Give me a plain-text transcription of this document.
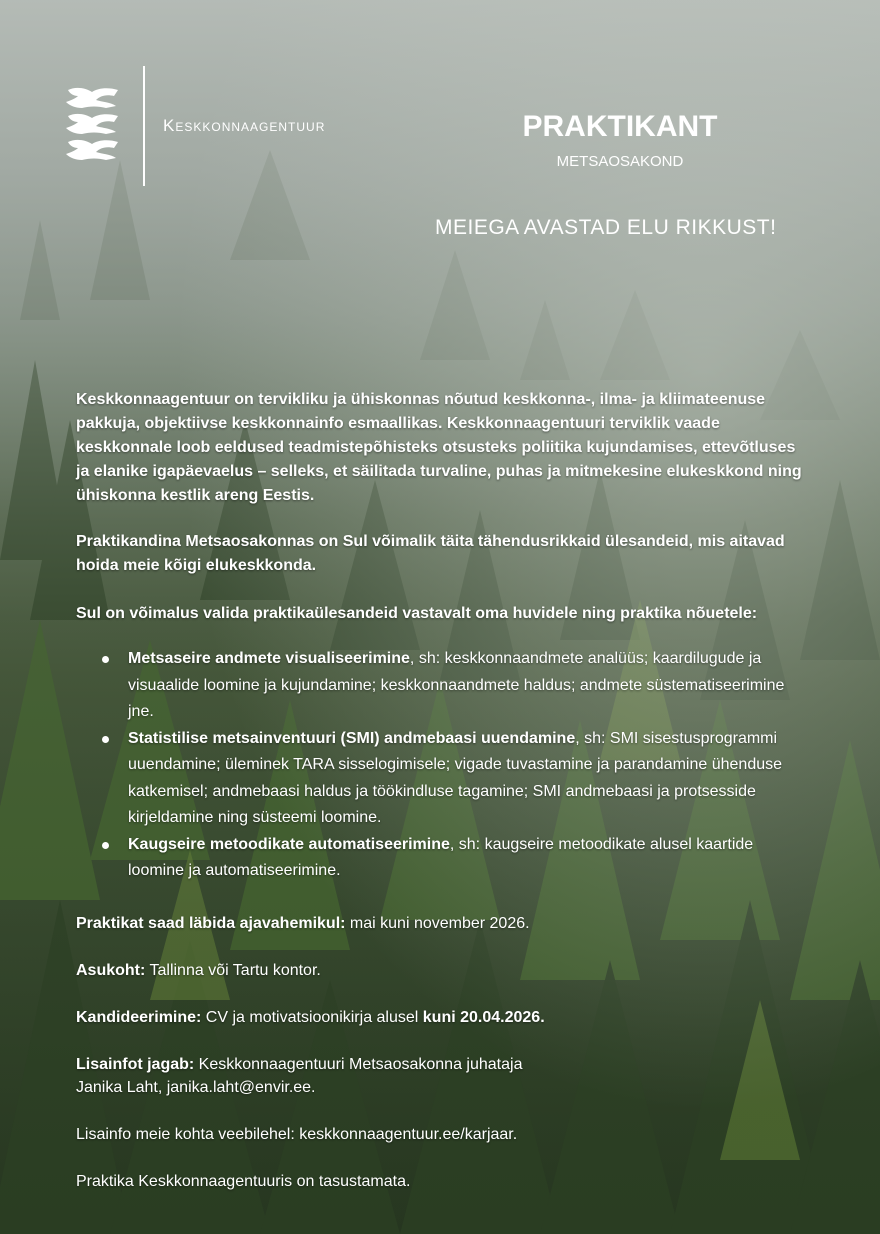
Keskkonnaagentuur	PRAKTIKANT
METSAOSAKOND
MEIEGA AVASTAD ELU RIKKUST!

Keskkonnaagentuur on tervikliku ja ühiskonnas nõutud keskkonna-, ilma- ja kliimateenuse pakkuja, objektiivse keskkonnainfo esmaallikas. Keskkonnaagentuuri terviklik vaade keskkonnale loob eeldused teadmistepõhisteks otsusteks poliitika kujundamises, ettevõtluses ja elanike igapäevaelus – selleks, et säilitada turvaline, puhas ja mitmekesine elukeskkond ning ühiskonna kestlik areng Eestis.

Praktikandina Metsaosakonnas on Sul võimalik täita tähendusrikkaid ülesandeid, mis aitavad hoida meie kõigi elukeskkonda.

Sul on võimalus valida praktikaülesandeid vastavalt oma huvidele ning praktika nõuetele:

Metsaseire andmete visualiseerimine, sh: keskkonnaandmete analüüs; kaardilugude ja visuaalide loomine ja kujundamine; keskkonnaandmete haldus; andmete süstematiseerimine jne.
Statistilise metsainventuuri (SMI) andmebaasi uuendamine, sh: SMI sisestusprogrammi uuendamine; üleminek TARA sisselogimisele; vigade tuvastamine ja parandamine ühenduse katkemisel; andmebaasi haldus ja töökindluse tagamine; SMI andmebaasi ja protsesside kirjeldamine ning süsteemi loomine.
Kaugseire metoodikate automatiseerimine, sh: kaugseire metoodikate alusel kaartide loomine ja automatiseerimine.

Praktikat saad läbida ajavahemikul: mai kuni november 2026.

Asukoht: Tallinna või Tartu kontor.

Kandideerimine: CV ja motivatsioonikirja alusel kuni 20.04.2026.

Lisainfot jagab: Keskkonnaagentuuri Metsaosakonna juhataja
Janika Laht, janika.laht@envir.ee.

Lisainfo meie kohta veebilehel: keskkonnaagentuur.ee/karjaar.

Praktika Keskkonnaagentuuris on tasustamata.
